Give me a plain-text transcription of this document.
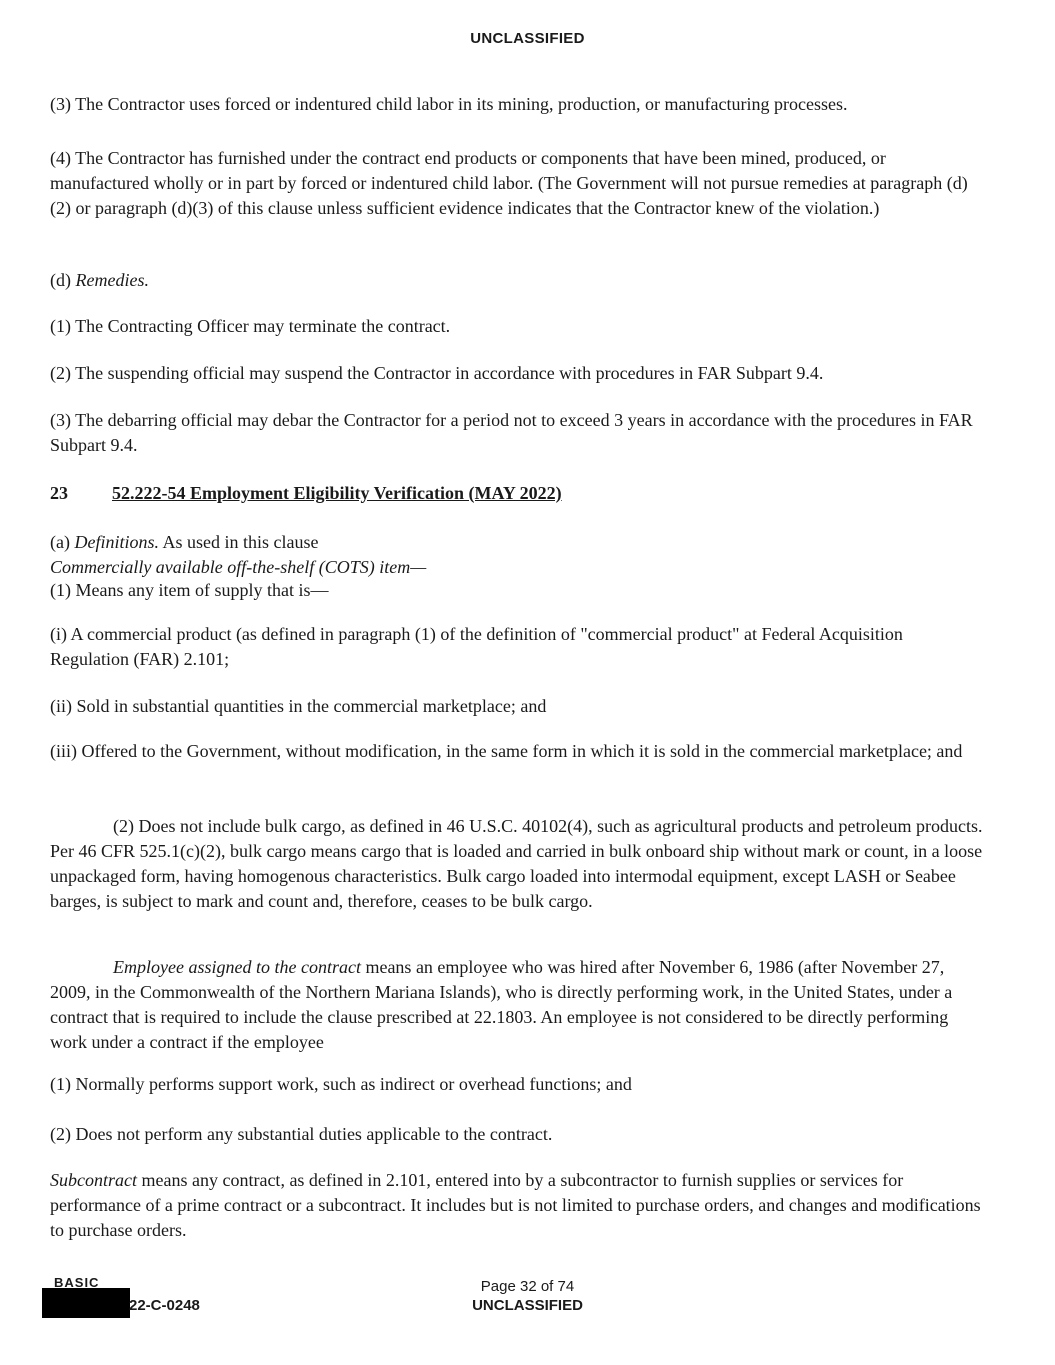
UNCLASSIFIED

(3) The Contractor uses forced or indentured child labor in its mining, production, or manufacturing processes.

(4) The Contractor has furnished under the contract end products or components that have been mined, produced, or manufactured wholly or in part by forced or indentured child labor. (The Government will not pursue remedies at paragraph (d)(2) or paragraph (d)(3) of this clause unless sufficient evidence indicates that the Contractor knew of the violation.)

(d) Remedies.

(1) The Contracting Officer may terminate the contract.

(2) The suspending official may suspend the Contractor in accordance with procedures in FAR Subpart 9.4.

(3) The debarring official may debar the Contractor for a period not to exceed 3 years in accordance with the procedures in FAR Subpart 9.4.

23 52.222-54 Employment Eligibility Verification (MAY 2022)

(a) Definitions. As used in this clause

Commercially available off-the-shelf (COTS) item—

(1) Means any item of supply that is—

(i) A commercial product (as defined in paragraph (1) of the definition of "commercial product" at Federal Acquisition Regulation (FAR) 2.101;

(ii) Sold in substantial quantities in the commercial marketplace; and

(iii) Offered to the Government, without modification, in the same form in which it is sold in the commercial marketplace; and

(2) Does not include bulk cargo, as defined in 46 U.S.C. 40102(4), such as agricultural products and petroleum products. Per 46 CFR 525.1(c)(2), bulk cargo means cargo that is loaded and carried in bulk onboard ship without mark or count, in a loose unpackaged form, having homogenous characteristics. Bulk cargo loaded into intermodal equipment, except LASH or Seabee barges, is subject to mark and count and, therefore, ceases to be bulk cargo.

Employee assigned to the contract means an employee who was hired after November 6, 1986 (after November 27, 2009, in the Commonwealth of the Northern Mariana Islands), who is directly performing work, in the United States, under a contract that is required to include the clause prescribed at 22.1803. An employee is not considered to be directly performing work under a contract if the employee

(1) Normally performs support work, such as indirect or overhead functions; and

(2) Does not perform any substantial duties applicable to the contract.

Subcontract means any contract, as defined in 2.101, entered into by a subcontractor to furnish supplies or services for performance of a prime contract or a subcontract. It includes but is not limited to purchase orders, and changes and modifications to purchase orders.

BASIC
22-C-0248
Page 32 of 74
UNCLASSIFIED
